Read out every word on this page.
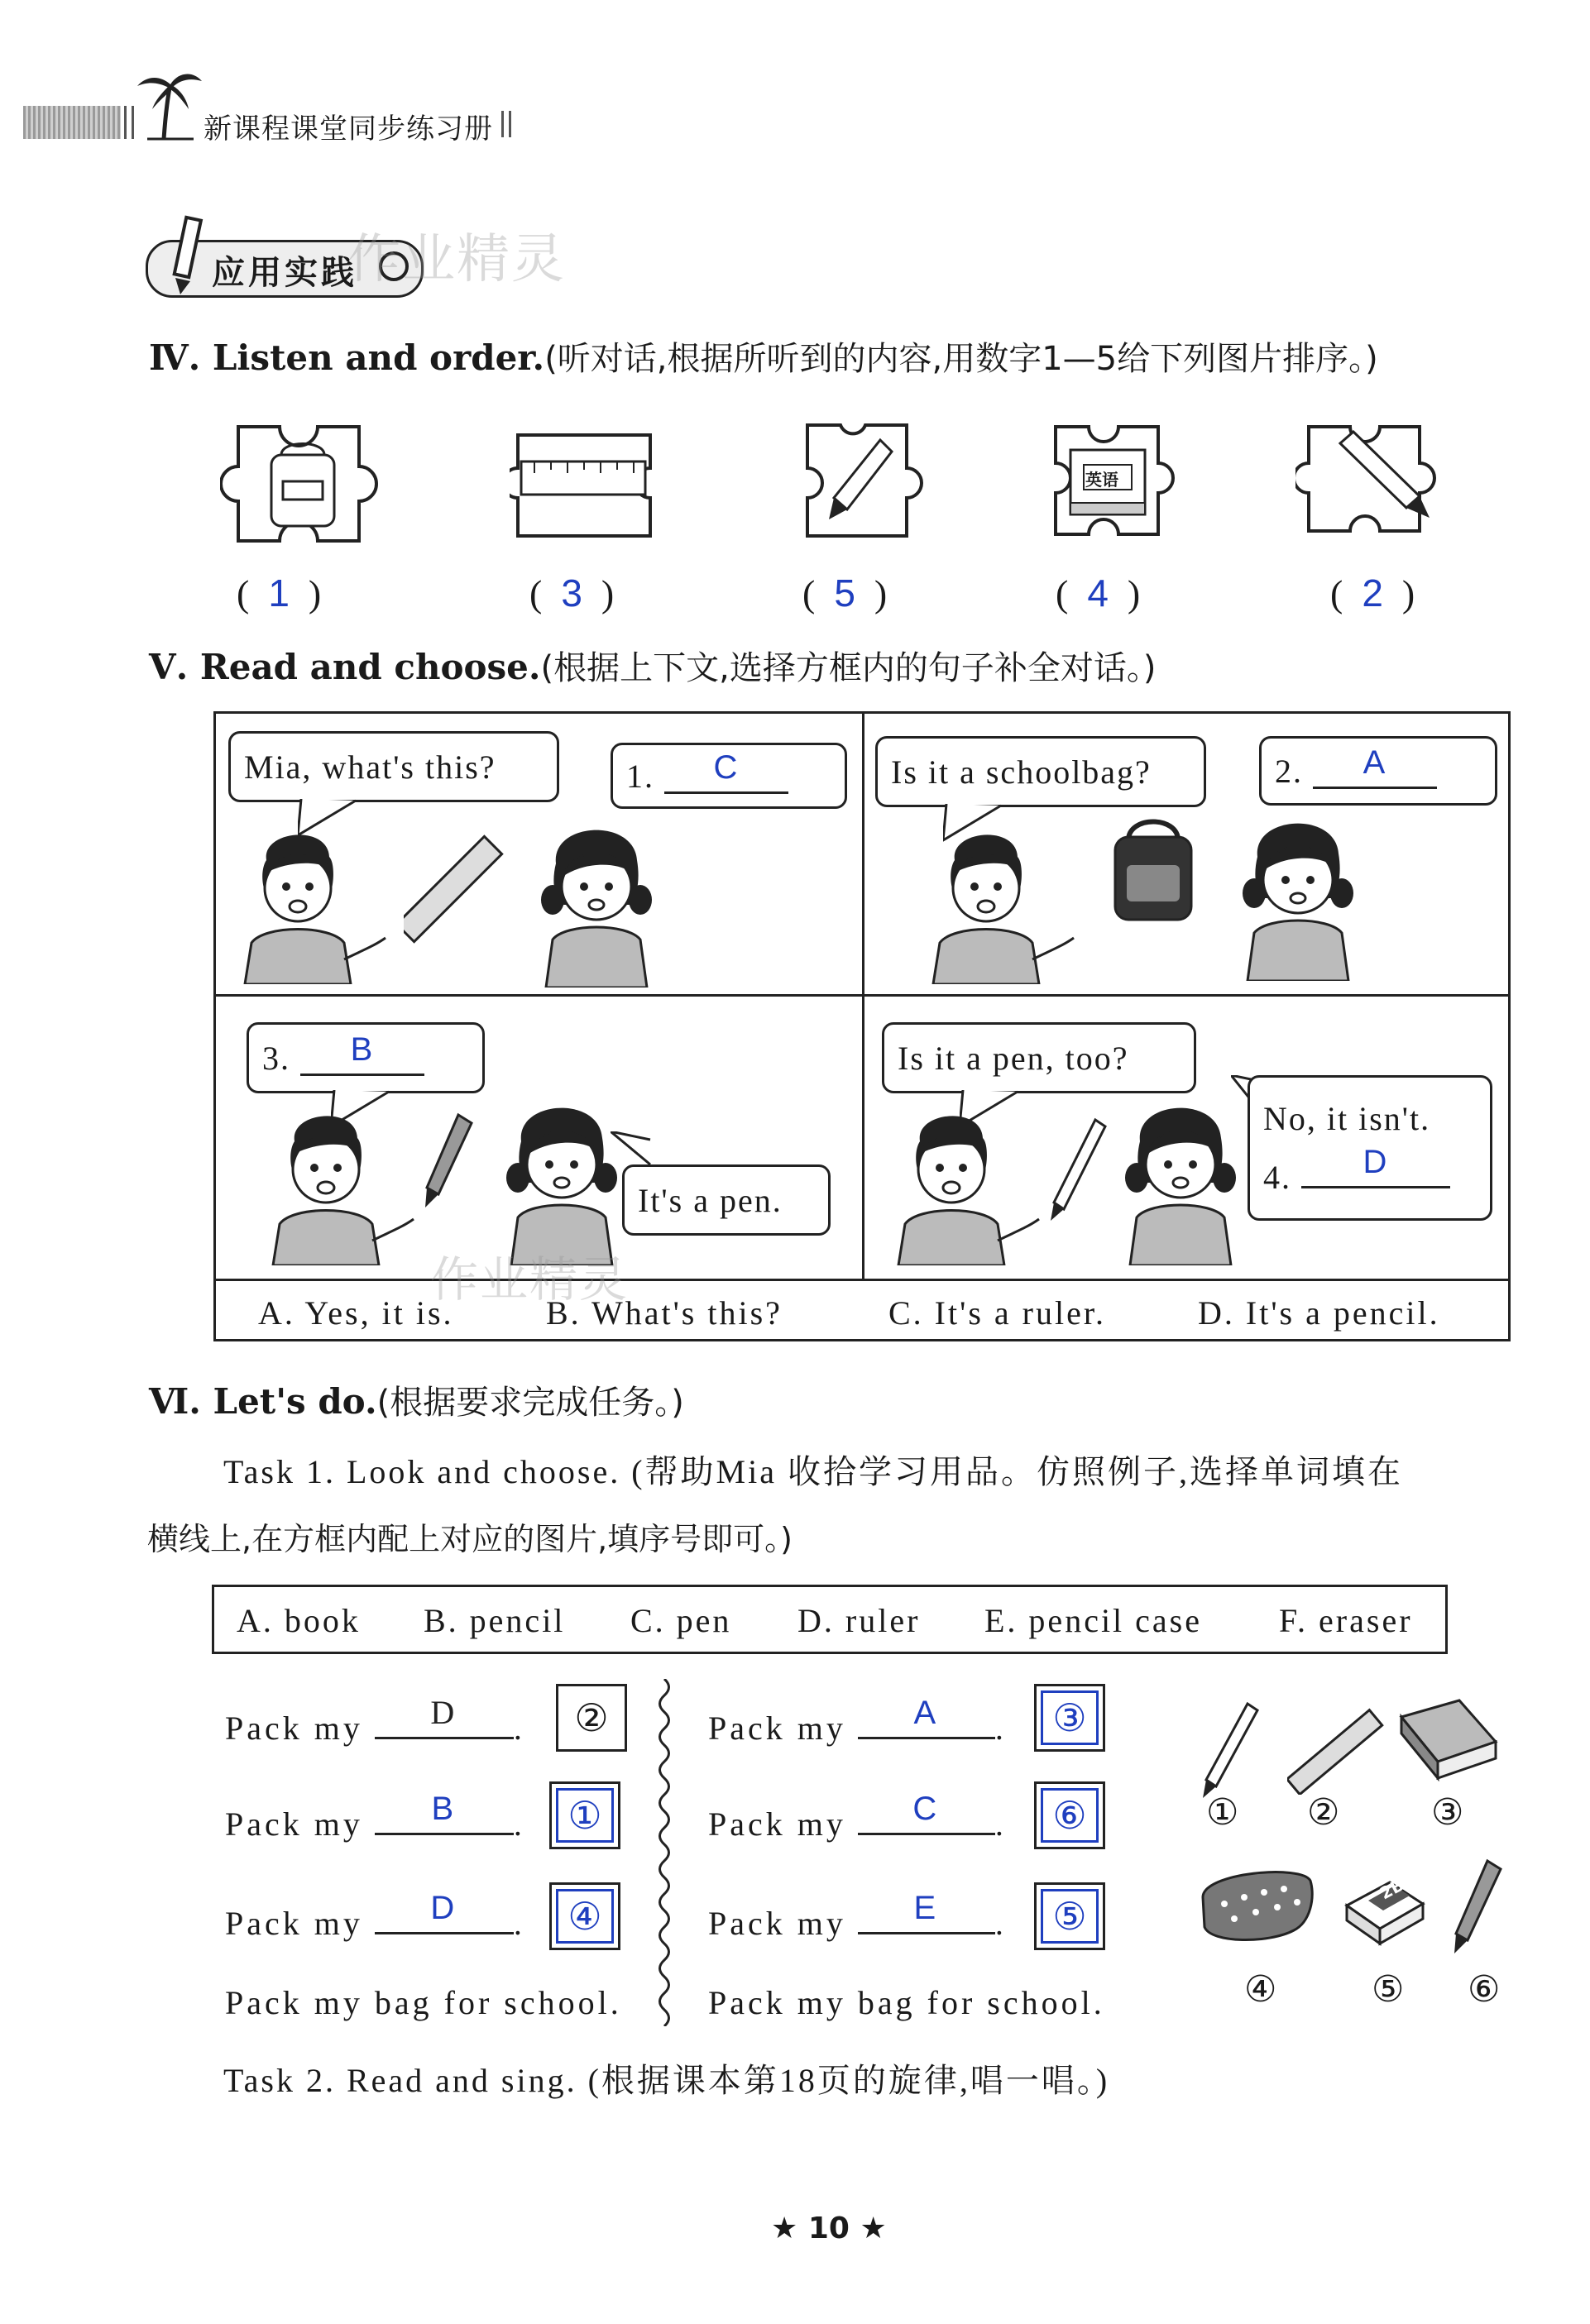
新课程课堂同步练习册
应用实践
作业精灵
Ⅳ. Listen and order.(听对话,根据所听到的内容,用数字1—5给下列图片排序。)
英语
(  1  )	(  3  )	(  5  )	(  4  )	(  2  )
Ⅴ. Read and choose.(根据上下文,选择方框内的句子补全对话。)
Mia, what's this?	1.
	C	Is it a schoolbag?	2.
	A
3.
	B
It's a pen.
Is it a pen, too?
No, it isn't.
4.	D
A. Yes, it is.	B. What's this?	C. It's a ruler.	D. It's a pencil.
作业精灵
Ⅵ. Let's do.(根据要求完成任务。)
Task 1. Look and choose. (帮助Mia 收拾学习用品。仿照例子,选择单词填在
横线上,在方框内配上对应的图片,填序号即可。)
A. book B. pencil C. pen D. ruler E. pencil case F. eraser
Pack my	D	. ②
Pack my	B	. ①
Pack my	D	. ④
Pack my bag for school.
Pack my	A	. ③
Pack my	C	. ⑥
Pack my	E	. ⑤
Pack my bag for school.
① ②	③
2B
④	⑤ ⑥
Task 2. Read and sing. (根据课本第18页的旋律,唱一唱。)
★ 10 ★
